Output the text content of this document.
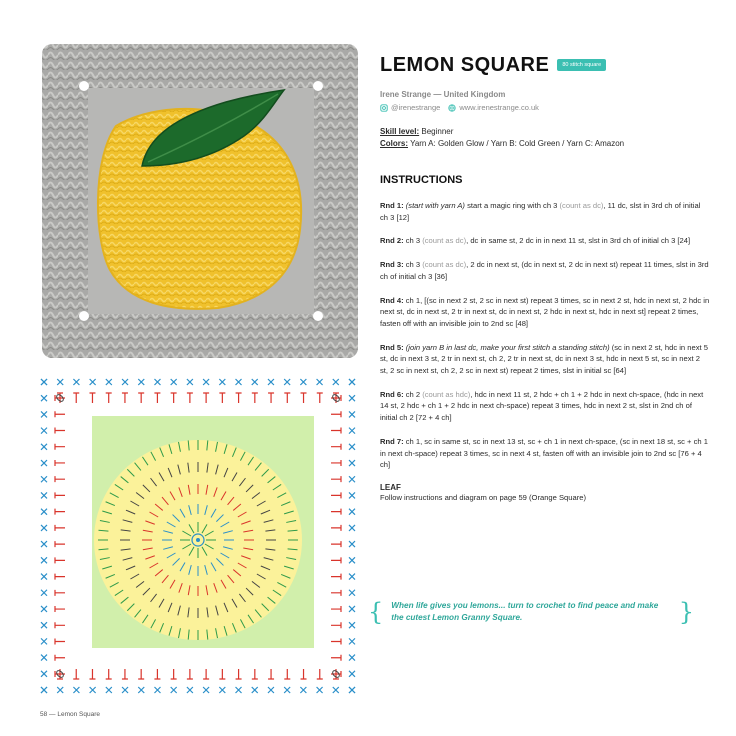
LEMON SQUARE	80 stitch square
Irene Strange — United Kingdom
@irenestrange	www.irenestrange.co.uk
Skill level: Beginner
Colors: Yarn A: Golden Glow / Yarn B: Cold Green / Yarn C: Amazon
INSTRUCTIONS
Rnd 1: (start with yarn A) start a magic ring with ch 3 (count as dc), 11 dc, slst in 3rd ch of initial ch 3 [12]
Rnd 2: ch 3 (count as dc), dc in same st, 2 dc in in next 11 st, slst in 3rd ch of initial ch 3 [24]
Rnd 3: ch 3 (count as dc), 2 dc in next st, (dc in next st, 2 dc in next st) repeat 11 times, slst in 3rd ch of initial ch 3 [36]
Rnd 4: ch 1, [(sc in next 2 st, 2 sc in next st) repeat 3 times, sc in next 2 st, hdc in next st, 2 hdc in next st, dc in next st, 2 tr in next st, dc in next st, 2 hdc in next st, hdc in next st] repeat 2 times, fasten off with an invisible join to 2nd sc [48]
Rnd 5: (join yarn B in last dc, make your first stitch a standing stitch) (sc in next 2 st, hdc in next 5 st, dc in next 3 st, 2 tr in next st, ch 2, 2 tr in next st, dc in next 3 st, hdc in next 5 st, sc in next 2 st, 2 sc in next st, ch 2, 2 sc in next st) repeat 2 times, slst in initial sc [64]
Rnd 6: ch 2 (count as hdc), hdc in next 11 st, 2 hdc + ch 1 + 2 hdc in next ch-space, (hdc in next 14 st, 2 hdc + ch 1 + 2 hdc in next ch-space) repeat 3 times, hdc in next 2 st, slst in 2nd ch of initial ch 2 [72 + 4 ch]
Rnd 7: ch 1, sc in same st, sc in next 13 st, sc + ch 1 in next ch-space, (sc in next 18 st, sc + ch 1 in next ch-space) repeat 3 times, sc in next 4 st, fasten off with an invisible join to 2nd sc [76 + 4 ch]
LEAF
Follow instructions and diagram on page 59 (Orange Square)
{ When life gives you lemons... turn to crochet to find peace and make the cutest Lemon Granny Square.	}
58 — Lemon Square
